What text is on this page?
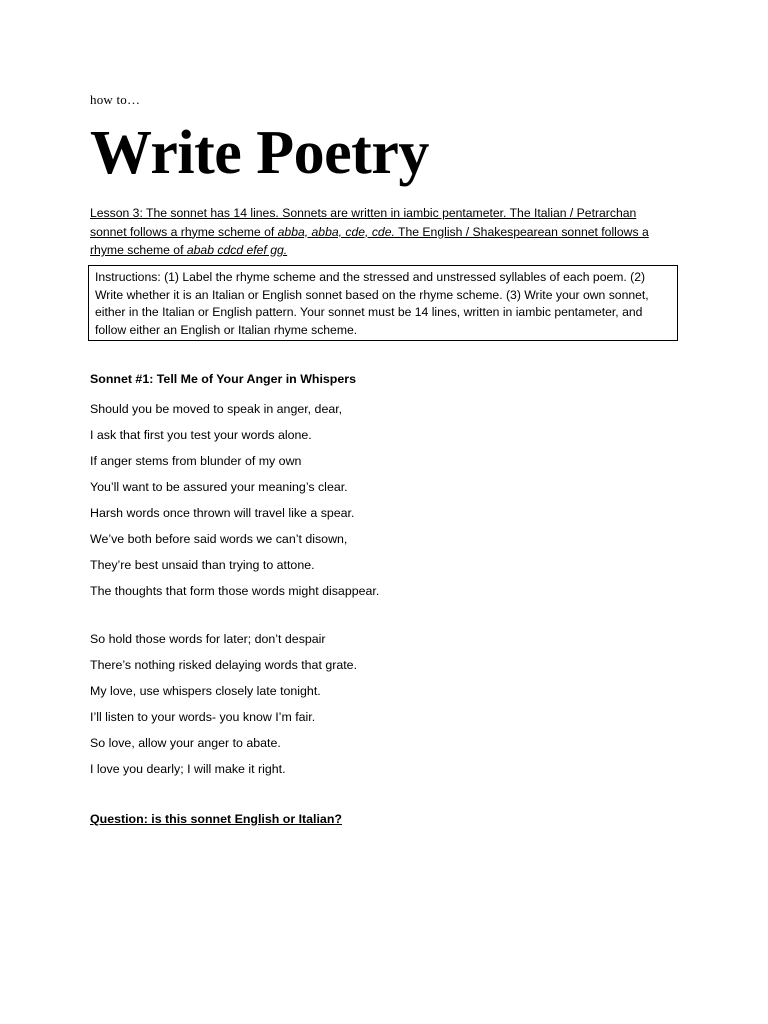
how to…
Write Poetry
Lesson 3: The sonnet has 14 lines. Sonnets are written in iambic pentameter. The Italian / Petrarchan sonnet follows a rhyme scheme of abba, abba, cde, cde. The English / Shakespearean sonnet follows a rhyme scheme of abab cdcd efef gg.
Instructions: (1) Label the rhyme scheme and the stressed and unstressed syllables of each poem. (2) Write whether it is an Italian or English sonnet based on the rhyme scheme. (3) Write your own sonnet, either in the Italian or English pattern. Your sonnet must be 14 lines, written in iambic pentameter, and follow either an English or Italian rhyme scheme.
Sonnet #1: Tell Me of Your Anger in Whispers
Should you be moved to speak in anger, dear,
I ask that first you test your words alone.
If anger stems from blunder of my own
You’ll want to be assured your meaning’s clear.
Harsh words once thrown will travel like a spear.
We’ve both before said words we can’t disown,
They’re best unsaid than trying to attone.
The thoughts that form those words might disappear.
So hold those words for later; don’t despair
There’s nothing risked delaying words that grate.
My love, use whispers closely late tonight.
I’ll listen to your words- you know I’m fair.
So love, allow your anger to abate.
I love you dearly; I will make it right.
Question: is this sonnet English or Italian?
